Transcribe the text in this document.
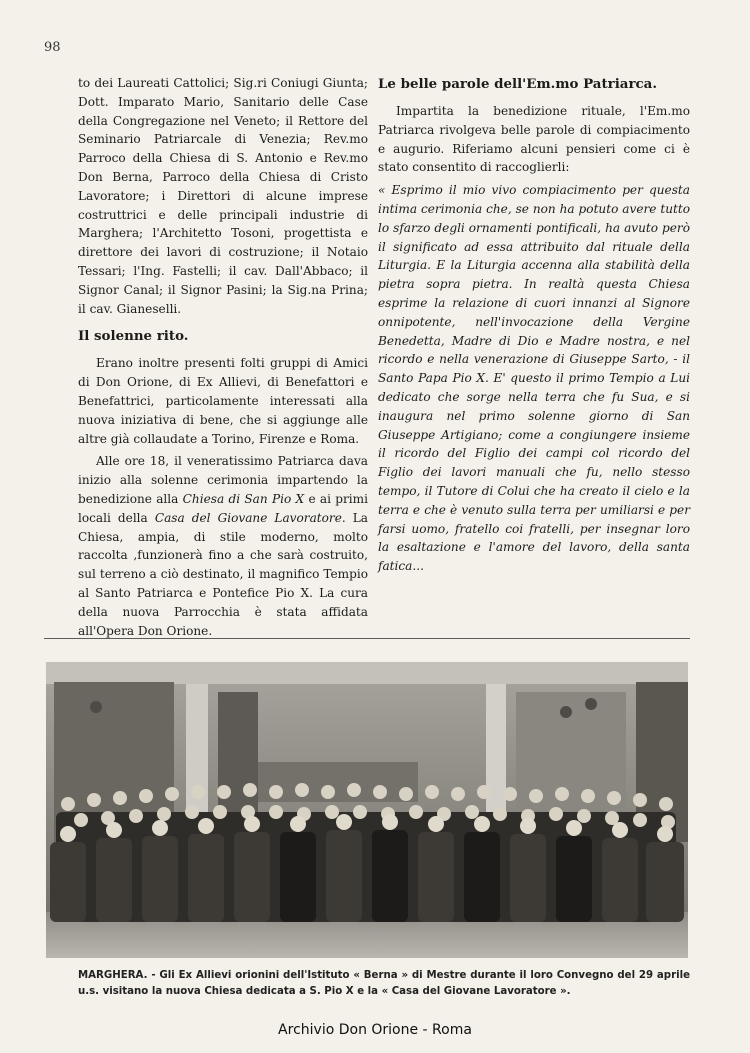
98

to dei Laureati Cattolici; Sig.ri Coniugi Giunta; Dott. Imparato Mario, Sanitario delle Case della Congregazione nel Veneto; il Rettore del Seminario Patriarcale di Venezia; Rev.mo Parroco della Chiesa di S. Antonio e Rev.mo Don Berna, Parroco della Chiesa di Cristo Lavoratore; i Direttori di alcune imprese costruttrici e delle principali industrie di Marghera; l'Architetto Tosoni, progettista e direttore dei lavori di costruzione; il Notaio Tessari; l'Ing. Fastelli; il cav. Dall'Abbaco; il Signor Canal; il Signor Pasini; la Sig.na Prina; il cav. Gianeselli.

Il solenne rito.

Erano inoltre presenti folti gruppi di Amici di Don Orione, di Ex Allievi, di Benefattori e Benefattrici, particolamente interessati alla nuova iniziativa di bene, che si aggiunge alle altre già collaudate a Torino, Firenze e Roma.

Alle ore 18, il veneratissimo Patriarca dava inizio alla solenne cerimonia impartendo la benedizione alla Chiesa di San Pio X e ai primi locali della Casa del Giovane Lavoratore. La Chiesa, ampia, di stile moderno, molto raccolta ,funzionerà fino a che sarà costruito, sul terreno a ciò destinato, il magnifico Tempio al Santo Patriarca e Pontefice Pio X. La cura della nuova Parrocchia è stata affidata all'Opera Don Orione.

Le belle parole dell'Em.mo Patriarca.

Impartita la benedizione rituale, l'Em.mo Patriarca rivolgeva belle parole di compiacimento e augurio. Riferiamo alcuni pensieri come ci è stato consentito di raccoglierli:

« Esprimo il mio vivo compiacimento per questa intima cerimonia che, se non ha potuto avere tutto lo sfarzo degli ornamenti pontificali, ha avuto però il significato ad essa attribuito dal rituale della Liturgia. E la Liturgia accenna alla stabilità della pietra sopra pietra. In realtà questa Chiesa esprime la relazione di cuori innanzi al Signore onnipotente, nell'invocazione della Vergine Benedetta, Madre di Dio e Madre nostra, e nel ricordo e nella venerazione di Giuseppe Sarto, - il Santo Papa Pio X. E' questo il primo Tempio a Lui dedicato che sorge nella terra che fu Sua, e si inaugura nel primo solenne giorno di San Giuseppe Artigiano; come a congiungere insieme il ricordo del Figlio dei campi col ricordo del Figlio dei lavori manuali che fu, nello stesso tempo, il Tutore di Colui che ha creato il cielo e la terra e che è venuto sulla terra per umiliarsi e per farsi uomo, fratello coi fratelli, per insegnar loro la esaltazione e l'amore del lavoro, della santa fatica...

MARGHERA. - Gli Ex Allievi orionini dell'Istituto « Berna » di Mestre durante il loro Convegno del 29 aprile u.s. visitano la nuova Chiesa dedicata a S. Pio X e la « Casa del Giovane Lavoratore ».
Archivio Don Orione - Roma
